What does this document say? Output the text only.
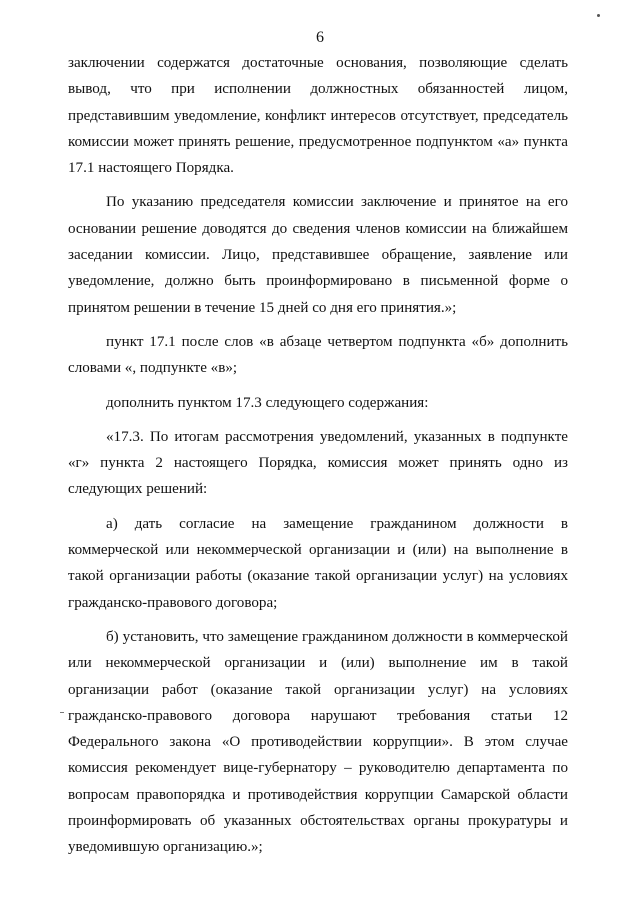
6

заключении содержатся достаточные основания, позволяющие сделать вывод, что при исполнении должностных обязанностей лицом, представившим уведомление, конфликт интересов отсутствует, председатель комиссии может принять решение, предусмотренное подпунктом «а» пункта 17.1 настоящего Порядка.

По указанию председателя комиссии заключение и принятое на его основании решение доводятся до сведения членов комиссии на ближайшем заседании комиссии. Лицо, представившее обращение, заявление или уведомление, должно быть проинформировано в письменной форме о принятом решении в течение 15 дней со дня его принятия.»;

пункт 17.1 после слов «в абзаце четвертом подпункта «б» дополнить словами «, подпункте «в»;

дополнить пунктом 17.3 следующего содержания:

«17.3. По итогам рассмотрения уведомлений, указанных в подпункте «г» пункта 2 настоящего Порядка, комиссия может принять одно из следующих решений:

а) дать согласие на замещение гражданином должности в коммерческой или некоммерческой организации и (или) на выполнение в такой организации работы (оказание такой организации услуг) на условиях гражданско-правового договора;

б) установить, что замещение гражданином должности в коммерческой или некоммерческой организации и (или) выполнение им в такой организации работ (оказание такой организации услуг) на условиях гражданско-правового договора нарушают требования статьи 12 Федерального закона «О противодействии коррупции». В этом случае комиссия рекомендует вице-губернатору – руководителю департамента по вопросам правопорядка и противодействия коррупции Самарской области проинформировать об указанных обстоятельствах органы прокуратуры и уведомившую организацию.»;
